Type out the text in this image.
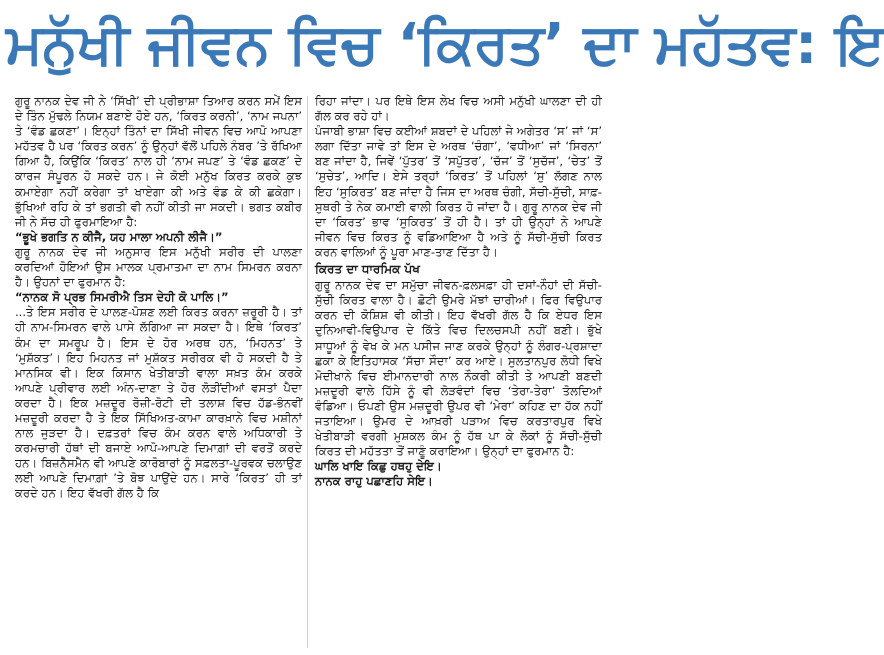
ਮਨੁੱਖੀ ਜੀਵਨ ਵਿਚ ‘ਕਿਰਤ’ ਦਾ ਮਹੱਤਵ: ਇ

ਗੁਰੂ ਨਾਨਕ ਦੇਵ ਜੀ ਨੇ ‘ਸਿੱਖੀ’ ਦੀ ਪ੍ਰੀਭਾਸ਼ਾ ਤਿਆਰ ਕਰਨ ਸਮੇਂ ਇਸ ਦੇ ਤਿੰਨ ਮੁੱਢਲੇ ਨਿਯਮ ਬਣਾਏ ਹੋਏ ਹਨ, ‘ਕਿਰਤ ਕਰਨੀ’, ‘ਨਾਮ ਜਪਨਾ’ ਤੇ ‘ਵੰਡ ਛਕਣਾ’। ਇਨ੍ਹਾਂ ਤਿੰਨਾਂ ਦਾ ਸਿੱਖੀ ਜੀਵਨ ਵਿਚ ਆਪੋ ਆਪਣਾ ਮਹੱਤਵ ਹੈ ਪਰ ‘ਕਿਰਤ ਕਰਨ’ ਨੂੰ ਉਨ੍ਹਾਂ ਵੱਲੋਂ ਪਹਿਲੇ ਨੰਬਰ ’ਤੇ ਰੱਖਿਆ ਗਿਆ ਹੈ, ਕਿਉਂਕਿ ‘ਕਿਰਤ’ ਨਾਲ ਹੀ ‘ਨਾਮ ਜਪਣ’ ਤੇ ‘ਵੰਡ ਛਕਣ’ ਦੇ ਕਾਰਜ ਸੰਪੂਰਨ ਹੋ ਸਕਦੇ ਹਨ। ਜੇ ਕੋਈ ਮਨੁੱਖ ਕਿਰਤ ਕਰਕੇ ਕੁਝ ਕਮਾਏਗਾ ਨਹੀਂ ਕਰੇਗਾ ਤਾਂ ਖਾਏਗਾ ਕੀ ਅਤੇ ਵੰਡ ਕੇ ਕੀ ਛਕੇਗਾ। ਭੁੱਖਿਆਂ ਰਹਿ ਕੇ ਤਾਂ ਭਗਤੀ ਵੀ ਨਹੀਂ ਕੀਤੀ ਜਾ ਸਕਦੀ। ਭਗਤ ਕਬੀਰ ਜੀ ਨੇ ਸੱਚ ਹੀ ਫੁਰਮਾਇਆ ਹੈ:

“ਭੂਖੇ ਭਗਤਿ ਨ ਕੀਜੈ, ਯਹ ਮਾਲਾ ਅਪਨੀ ਲੀਜੈ।”

ਗੁਰੂ ਨਾਨਕ ਦੇਵ ਜੀ ਅਨੁਸਾਰ ਇਸ ਮਨੁੱਖੀ ਸਰੀਰ ਦੀ ਪਾਲਣਾ ਕਰਦਿਆਂ ਹੋਇਆਂ ਉਸ ਮਾਲਕ ਪ੍ਰਮਾਤਮਾ ਦਾ ਨਾਮ ਸਿਮਰਨ ਕਰਨਾ ਹੈ। ਉਹਨਾਂ ਦਾ ਫੁਰਮਾਨ ਹੈ:

“ਨਾਨਕ ਸੋ ਪ੍ਰਭ ਸਿਮਰੀਐ ਤਿਸ ਦੇਹੀ ਕੋ ਪਾਲਿ।”

...ਤੇ ਇਸ ਸਰੀਰ ਦੇ ਪਾਲਣ-ਪੋਸ਼ਣ ਲਈ ਕਿਰਤ ਕਰਨਾ ਜ਼ਰੂਰੀ ਹੈ। ਤਾਂ ਹੀ ਨਾਮ-ਸਿਮਰਨ ਵਾਲੇ ਪਾਸੇ ਲੱਗਿਆ ਜਾ ਸਕਦਾ ਹੈ। ਇਥੇ ‘ਕਿਰਤ’ ਕੰਮ ਦਾ ਸਮਰੂਪ ਹੈ। ਇਸ ਦੇ ਹੋਰ ਅਰਥ ਹਨ, ‘ਮਿਹਨਤ’ ਤੇ ‘ਮੁਸ਼ੱਕਤ’। ਇਹ ਮਿਹਨਤ ਜਾਂ ਮੁਸ਼ੱਕਤ ਸਰੀਰਕ ਵੀ ਹੋ ਸਕਦੀ ਹੈ ਤੇ ਮਾਨਸਿਕ ਵੀ। ਇਕ ਕਿਸਾਨ ਖੇਤੀਬਾੜੀ ਵਾਲਾ ਸਖ਼ਤ ਕੰਮ ਕਰਕੇ ਆਪਣੇ ਪ੍ਰੀਵਾਰ ਲਈ ਅੰਨ-ਦਾਣਾ ਤੇ ਹੋਰ ਲੋੜੀਂਦੀਆਂ ਵਸਤਾਂ ਪੈਦਾ ਕਰਦਾ ਹੈ। ਇਕ ਮਜ਼ਦੂਰ ਰੋਜ਼ੀ-ਰੋਟੀ ਦੀ ਤਲਾਸ਼ ਵਿਚ ਹੱਡ-ਭੰਨਵੀਂ ਮਜ਼ਦੂਰੀ ਕਰਦਾ ਹੈ ਤੇ ਇਕ ਸਿੱਖਿਅਤ-ਕਾਮਾ ਕਾਰਖ਼ਾਨੇ ਵਿਚ ਮਸ਼ੀਨਾਂ ਨਾਲ ਜੁੜਦਾ ਹੈ। ਦਫ਼ਤਰਾਂ ਵਿਚ ਕੰਮ ਕਰਨ ਵਾਲੇ ਅਧਿਕਾਰੀ ਤੇ ਕਰਮਚਾਰੀ ਹੱਥਾਂ ਦੀ ਬਜਾਏ ਆਪੋ-ਆਪਣੇ ਦਿਮਾਗ਼ਾਂ ਦੀ ਵਰਤੋਂ ਕਰਦੇ ਹਨ। ਬਿਜ਼ਨੈੱਸਮੈਨ ਵੀ ਆਪਣੇ ਕਾਰੋਬਾਰਾਂ ਨੂੰ ਸਫ਼ਲਤਾ-ਪੂਰਵਕ ਚਲਾਉਣ ਲਈ ਆਪਣੇ ਦਿਮਾਗ਼ਾਂ ’ਤੇ ਬੋਝ ਪਾਉਂਦੇ ਹਨ। ਸਾਰੇ ‘ਕਿਰਤ’ ਹੀ ਤਾਂ ਕਰਦੇ ਹਨ। ਇਹ ਵੱਖਰੀ ਗੱਲ ਹੈ ਕਿ

ਰਿਹਾ ਜਾਂਦਾ। ਪਰ ਇਥੇ ਇਸ ਲੇਖ ਵਿਚ ਅਸੀ ਮਨੁੱਖੀ ਘਾਲਣਾ ਦੀ ਹੀ ਗੱਲ ਕਰ ਰਹੇ ਹਾਂ।

ਪੰਜਾਬੀ ਭਾਸ਼ਾ ਵਿਚ ਕਈਆਂ ਸ਼ਬਦਾਂ ਦੇ ਪਹਿਲਾਂ ਜੇ ਅਗੇਤਰ ‘ਸ’ ਜਾਂ ‘ਸ’ ਲਗਾ ਦਿੱਤਾ ਜਾਵੇ ਤਾਂ ਇਸ ਦੇ ਅਰਥ ‘ਚੰਗਾ’, ‘ਵਧੀਆ’ ਜਾਂ ‘ਸਿਰਨਾ’ ਬਣ ਜਾਂਦਾ ਹੈ, ਜਿਵੇਂ ‘ਪੁੱਤਰ’ ਤੋਂ ‘ਸਪੁੱਤਰ’, ‘ਚੱਜ’ ਤੋਂ ‘ਸੁਚੱਜ’, ‘ਚੇਤ’ ਤੋਂ ‘ਸੁਚੇਤ’, ਆਦਿ। ਏਸੇ ਤਰ੍ਹਾਂ ‘ਕਿਰਤ’ ਤੋਂ ਪਹਿਲਾਂ ‘ਸੁ’ ਲੱਗਣ ਨਾਲ ਇਹ ‘ਸੁਕਿਰਤ’ ਬਣ ਜਾਂਦਾ ਹੈ ਜਿਸ ਦਾ ਅਰਥ ਚੰਗੀ, ਸੱਚੀ-ਸੁੱਚੀ, ਸਾਫ਼-ਸੁਥਰੀ ਤੇ ਨੇਕ ਕਮਾਈ ਵਾਲੀ ਕਿਰਤ ਹੋ ਜਾਂਦਾ ਹੈ। ਗੁਰੂ ਨਾਨਕ ਦੇਵ ਜੀ ਦਾ ‘ਕਿਰਤ’ ਭਾਵ ‘ਸੁਕਿਰਤ’ ਤੋਂ ਹੀ ਹੈ। ਤਾਂ ਹੀ ਉਨ੍ਹਾਂ ਨੇ ਆਪਣੇ ਜੀਵਨ ਵਿਚ ਕਿਰਤ ਨੂੰ ਵਡਿਆਇਆ ਹੈ ਅਤੇ ਨੂੰ ਸੱਚੀ-ਸੁੱਚੀ ਕਿਰਤ ਕਰਨ ਵਾਲਿਆਂ ਨੂੰ ਪੂਰਾ ਮਾਣ-ਤਾਣ ਦਿੱਤਾ ਹੈ।

ਕਿਰਤ ਦਾ ਧਾਰਮਿਕ ਪੱਖ

ਗੁਰੂ ਨਾਨਕ ਦੇਵ ਦਾ ਸਮੁੱਚਾ ਜੀਵਨ-ਫ਼ਲਸਫ਼ਾ ਹੀ ਦਸਾਂ-ਨੌਹਾਂ ਦੀ ਸੱਚੀ-ਸੁੱਚੀ ਕਿਰਤ ਵਾਲਾ ਹੈ। ਛੋਟੀ ਉਮਰੇ ਮੱਝਾਂ ਚਾਰੀਆਂ। ਫਿਰ ਵਿਉਪਾਰ ਕਰਨ ਦੀ ਕੋਸ਼ਿਸ਼ ਵੀ ਕੀਤੀ। ਇਹ ਵੱਖਰੀ ਗੱਲ ਹੈ ਕਿ ਏਧਰ ਇਸ ਦੁਨਿਆਵੀ-ਵਿਉਪਾਰ ਦੇ ਕਿੱਤੇ ਵਿਚ ਦਿਲਚਸਪੀ ਨਹੀਂ ਬਣੀ। ਭੁੱਖੇ ਸਾਧੂਆਂ ਨੂੰ ਵੇਖ ਕੇ ਮਨ ਪਸੀਜ ਜਾਣ ਕਰਕੇ ਉਨ੍ਹਾਂ ਨੂੰ ਲੰਗਰ-ਪ੍ਰਸ਼ਾਦਾ ਛਕਾ ਕੇ ਇਤਿਹਾਸਕ ‘ਸੱਚਾ ਸੌਦਾ’ ਕਰ ਆਏ। ਸੁਲਤਾਨਪੁਰ ਲੋਧੀ ਵਿਖੇ ਮੋਦੀਖਾਨੇ ਵਿਚ ਈਮਾਨਦਾਰੀ ਨਾਲ ਨੌਕਰੀ ਕੀਤੀ ਤੇ ਆਪਣੀ ਬਣਦੀ ਮਜ਼ਦੂਰੀ ਵਾਲੇ ਹਿੱਸੇ ਨੂੰ ਵੀ ਲੋੜਵੰਦਾਂ ਵਿਚ ‘ਤੇਰਾ-ਤੇਰਾ’ ਤੋਲਦਿਆਂ ਵੰਡਿਆ। ਓਪਣੀ ਉਸ ਮਜ਼ਦੂਰੀ ਉਪਰ ਵੀ ‘ਮੇਰਾ’ ਕਹਿਣ ਦਾ ਹੱਕ ਨਹੀਂ ਜਤਾਇਆ। ਉਮਰ ਦੇ ਆਖ਼ਰੀ ਪੜਾਅ ਵਿਚ ਕਰਤਾਰਪੁਰ ਵਿਖੇ ਖੇਤੀਬਾੜੀ ਵਰਗੀ ਮੁਸ਼ਕਲ ਕੰਮ ਨੂੰ ਹੱਥ ਪਾ ਕੇ ਲੋਕਾਂ ਨੂੰ ਸੱਚੀ-ਸੁੱਚੀ ਕਿਰਤ ਦੀ ਮਹੱਤਤਾ ਤੋਂ ਜਾਣੂੰ ਕਰਾਇਆ। ਉਨ੍ਹਾਂ ਦਾ ਫੁਰਮਾਨ ਹੈ:

ਘਾਲਿ ਖਾਇ ਕਿਛੁ ਹਥਹੁ ਦੇਇ।

ਨਾਨਕ ਰਾਹੁ ਪਛਾਣਹਿ ਸੇਇ।
